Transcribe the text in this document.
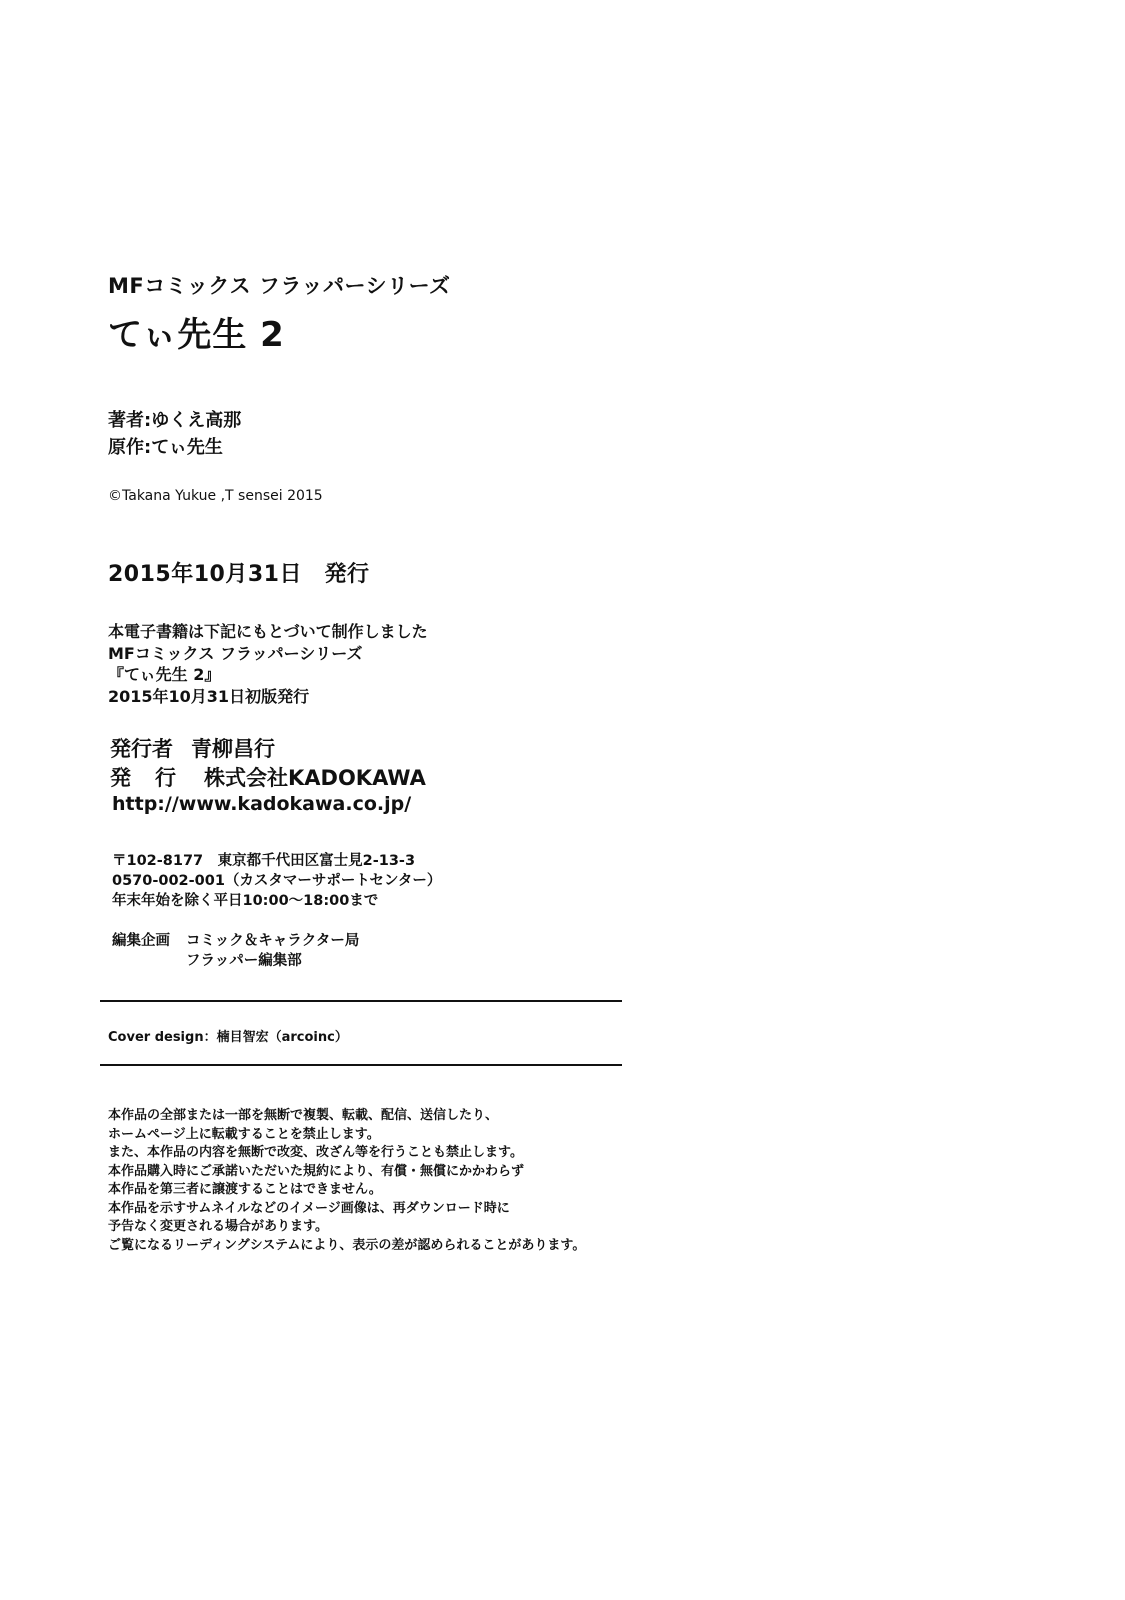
MFコミックス フラッパーシリーズ
てぃ先生 2
著者:ゆくえ高那
原作:てぃ先生
©Takana Yukue ,T sensei 2015
2015年10月31日　発行
本電子書籍は下記にもとづいて制作しました
MFコミックス フラッパーシリーズ
『てぃ先生 2』
2015年10月31日初版発行
発行者 青柳昌行
発行 株式会社KADOKAWA
http://www.kadokawa.co.jp/
〒102-8177　東京都千代田区富士見2-13-3
0570-002-001（カスタマーサポートセンター）
年末年始を除く平日10:00～18:00まで
編集企画 コミック＆キャラクター局
フラッパー編集部
Cover design：楠目智宏（arcoinc）
本作品の全部または一部を無断で複製、転載、配信、送信したり、
ホームページ上に転載することを禁止します。
また、本作品の内容を無断で改変、改ざん等を行うことも禁止します。
本作品購入時にご承諾いただいた規約により、有償・無償にかかわらず
本作品を第三者に譲渡することはできません。
本作品を示すサムネイルなどのイメージ画像は、再ダウンロード時に
予告なく変更される場合があります。
ご覧になるリーディングシステムにより、表示の差が認められることがあります。
